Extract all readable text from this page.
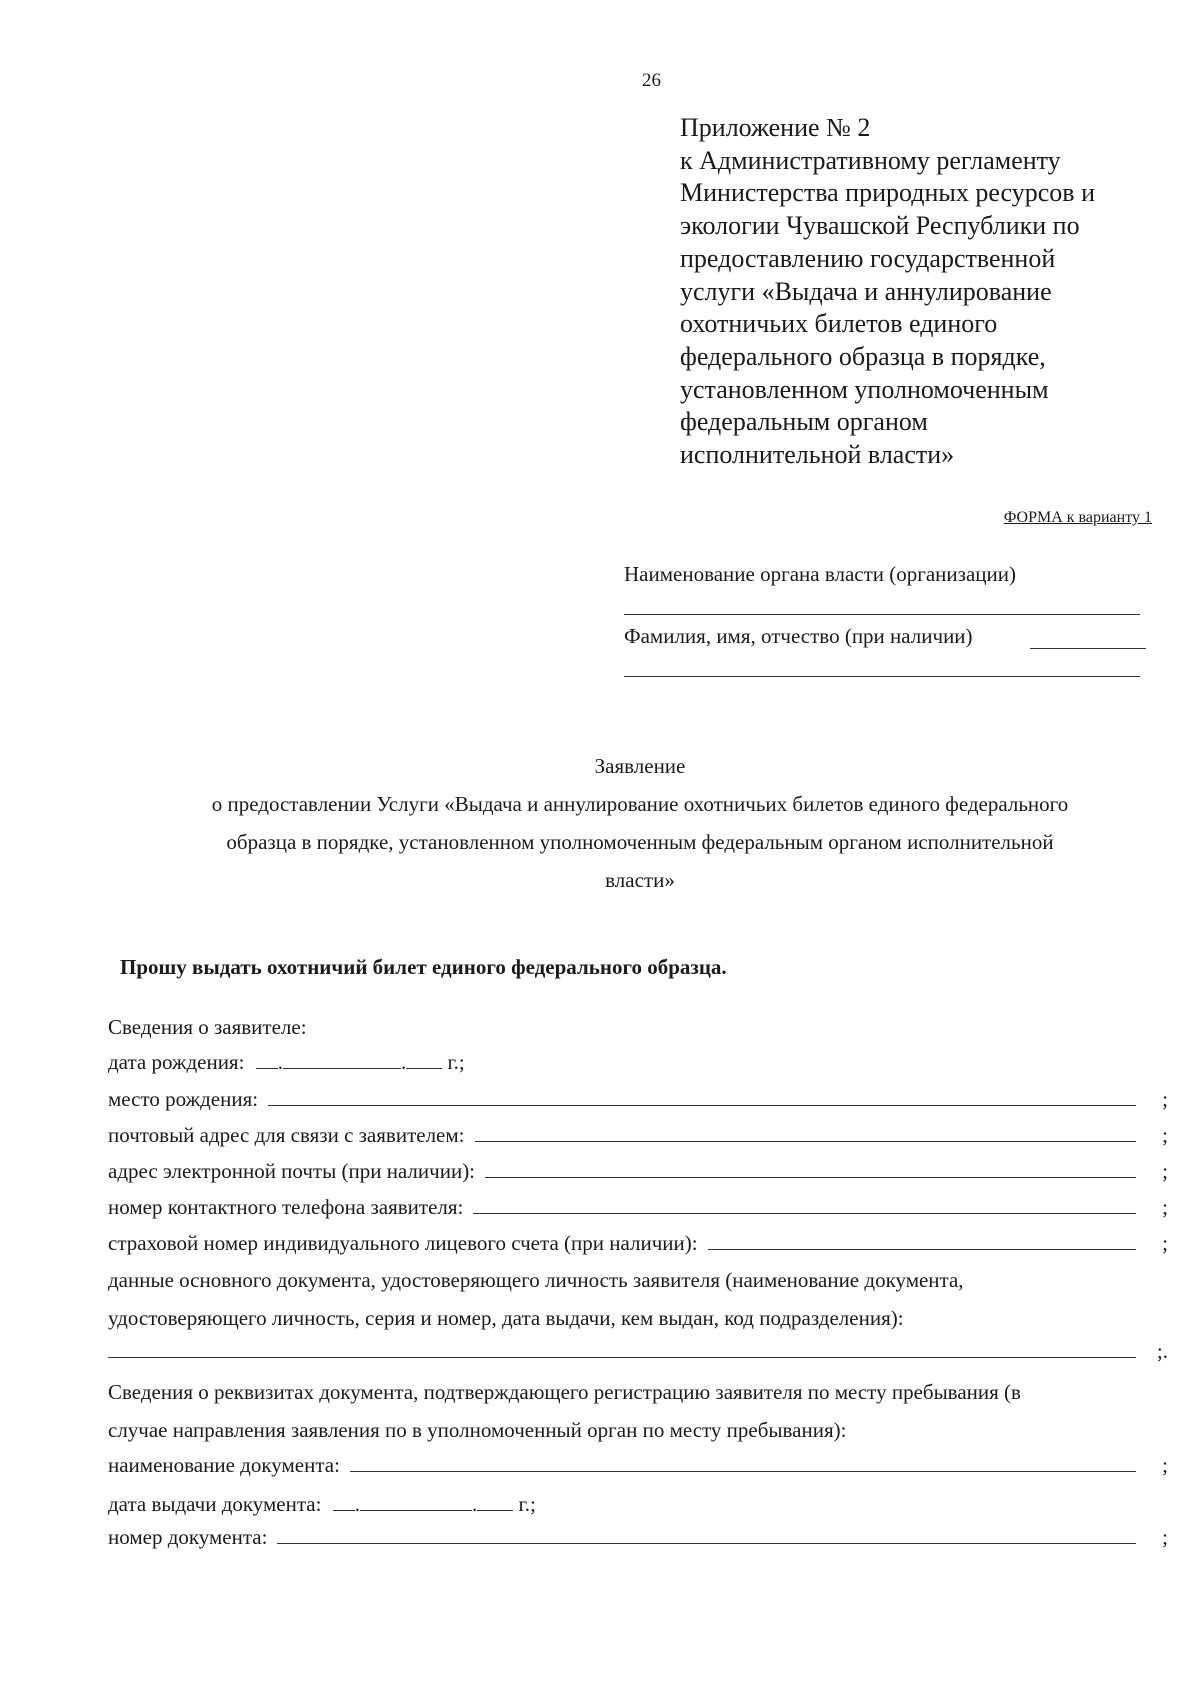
26
Приложение № 2
к Административному регламенту
Министерства природных ресурсов и
экологии Чувашской Республики по
предоставлению государственной
услуги «Выдача и аннулирование
охотничьих билетов единого
федерального образца в порядке,
установленном уполномоченным
федеральным органом
исполнительной власти»
ФОРМА к варианту 1
Наименование органа власти (организации)
Фамилия, имя, отчество (при наличии)
Заявление
о предоставлении Услуги «Выдача и аннулирование охотничьих билетов единого федерального
образца в порядке, установленном уполномоченным федеральным органом исполнительной
власти»
Прошу выдать охотничий билет единого федерального образца.
Сведения о заявителе:
дата рождения: .	. г.;
место рождения:	;
почтовый адрес для связи с заявителем:	;
адрес электронной почты (при наличии):	;
номер контактного телефона заявителя:	;
страховой номер индивидуального лицевого счета (при наличии):	;
данные основного документа, удостоверяющего личность заявителя (наименование документа,
удостоверяющего личность, серия и номер, дата выдачи, кем выдан, код подразделения):
;.
Сведения о реквизитах документа, подтверждающего регистрацию заявителя по месту пребывания (в
случае направления заявления по в уполномоченный орган по месту пребывания):
наименование документа:	;
дата выдачи документа: .	. г.;
номер документа:	;
